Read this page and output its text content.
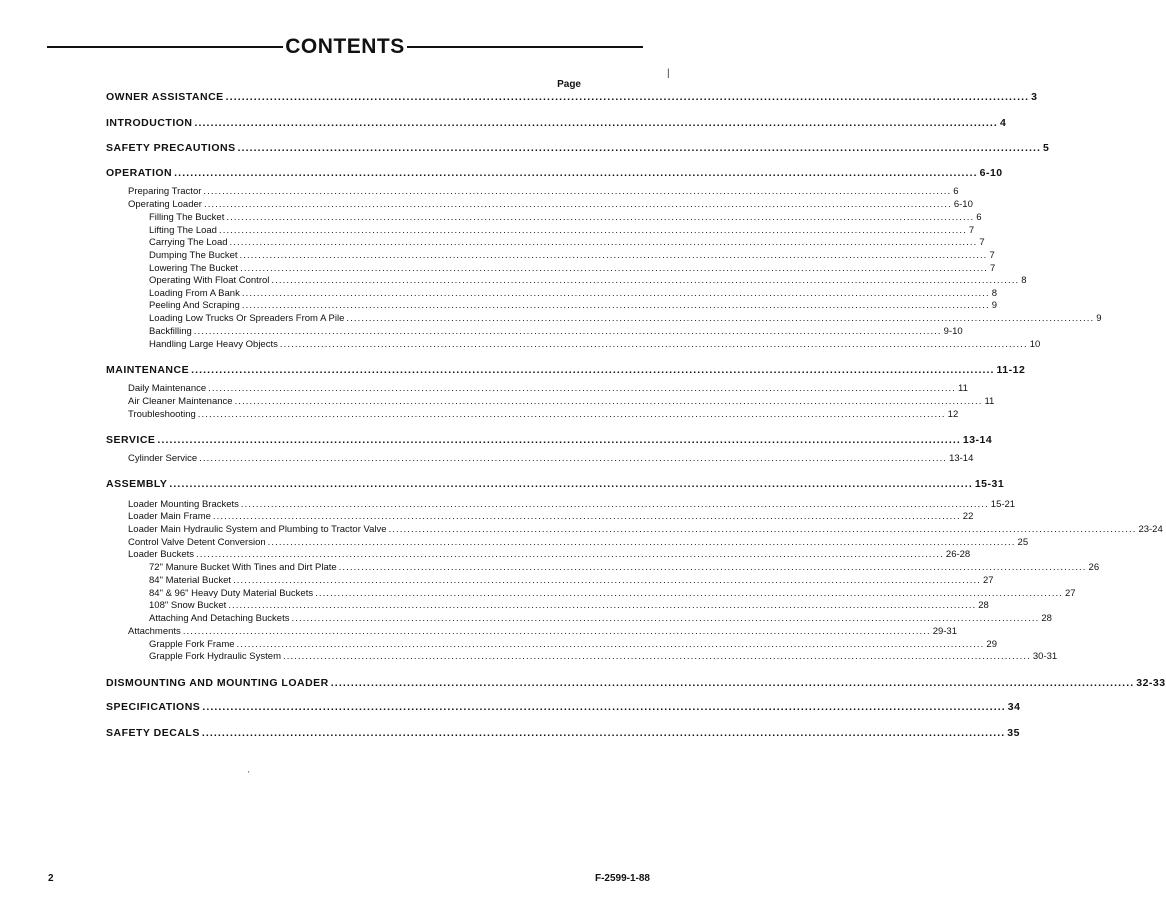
CONTENTS
Page
|
'
OWNER ASSISTANCE ........................................................................................................................................................................................................ 3
INTRODUCTION ........................................................................................................................................................................................................ 4
SAFETY PRECAUTIONS ........................................................................................................................................................................................................ 5
OPERATION ........................................................................................................................................................................................................ 6-10
Preparing Tractor ........................................................................................................................................................................................................ 6
Operating Loader ........................................................................................................................................................................................................ 6-10
Filling The Bucket ........................................................................................................................................................................................................ 6
Lifting The Load ........................................................................................................................................................................................................ 7
Carrying The Load ........................................................................................................................................................................................................ 7
Dumping The Bucket ........................................................................................................................................................................................................ 7
Lowering The Bucket ........................................................................................................................................................................................................ 7
Operating With Float Control ........................................................................................................................................................................................................ 8
Loading From A Bank ........................................................................................................................................................................................................ 8
Peeling And Scraping ........................................................................................................................................................................................................ 9
Loading Low Trucks Or Spreaders From A Pile ........................................................................................................................................................................................................ 9
Backfilling ........................................................................................................................................................................................................ 9-10
Handling Large Heavy Objects ........................................................................................................................................................................................................ 10
MAINTENANCE ........................................................................................................................................................................................................ 11-12
Daily Maintenance ........................................................................................................................................................................................................ 11
Air Cleaner Maintenance ........................................................................................................................................................................................................ 11
Troubleshooting ........................................................................................................................................................................................................ 12
SERVICE ........................................................................................................................................................................................................ 13-14
Cylinder Service ........................................................................................................................................................................................................ 13-14
ASSEMBLY ........................................................................................................................................................................................................ 15-31
Loader Mounting Brackets ........................................................................................................................................................................................................ 15-21
Loader Main Frame ........................................................................................................................................................................................................ 22
Loader Main Hydraulic System and Plumbing to Tractor Valve ........................................................................................................................................................................................................ 23-24
Control Valve Detent Conversion ........................................................................................................................................................................................................ 25
Loader Buckets ........................................................................................................................................................................................................ 26-28
72" Manure Bucket With Tines and Dirt Plate ........................................................................................................................................................................................................ 26
84" Material Bucket ........................................................................................................................................................................................................ 27
84" & 96" Heavy Duty Material Buckets ........................................................................................................................................................................................................ 27
108" Snow Bucket ........................................................................................................................................................................................................ 28
Attaching And Detaching Buckets ........................................................................................................................................................................................................ 28
Attachments ........................................................................................................................................................................................................ 29-31
Grapple Fork Frame ........................................................................................................................................................................................................ 29
Grapple Fork Hydraulic System ........................................................................................................................................................................................................ 30-31
DISMOUNTING AND MOUNTING LOADER ........................................................................................................................................................................................................ 32-33
SPECIFICATIONS ........................................................................................................................................................................................................ 34
SAFETY DECALS ........................................................................................................................................................................................................ 35
2	F-2599-1-88
